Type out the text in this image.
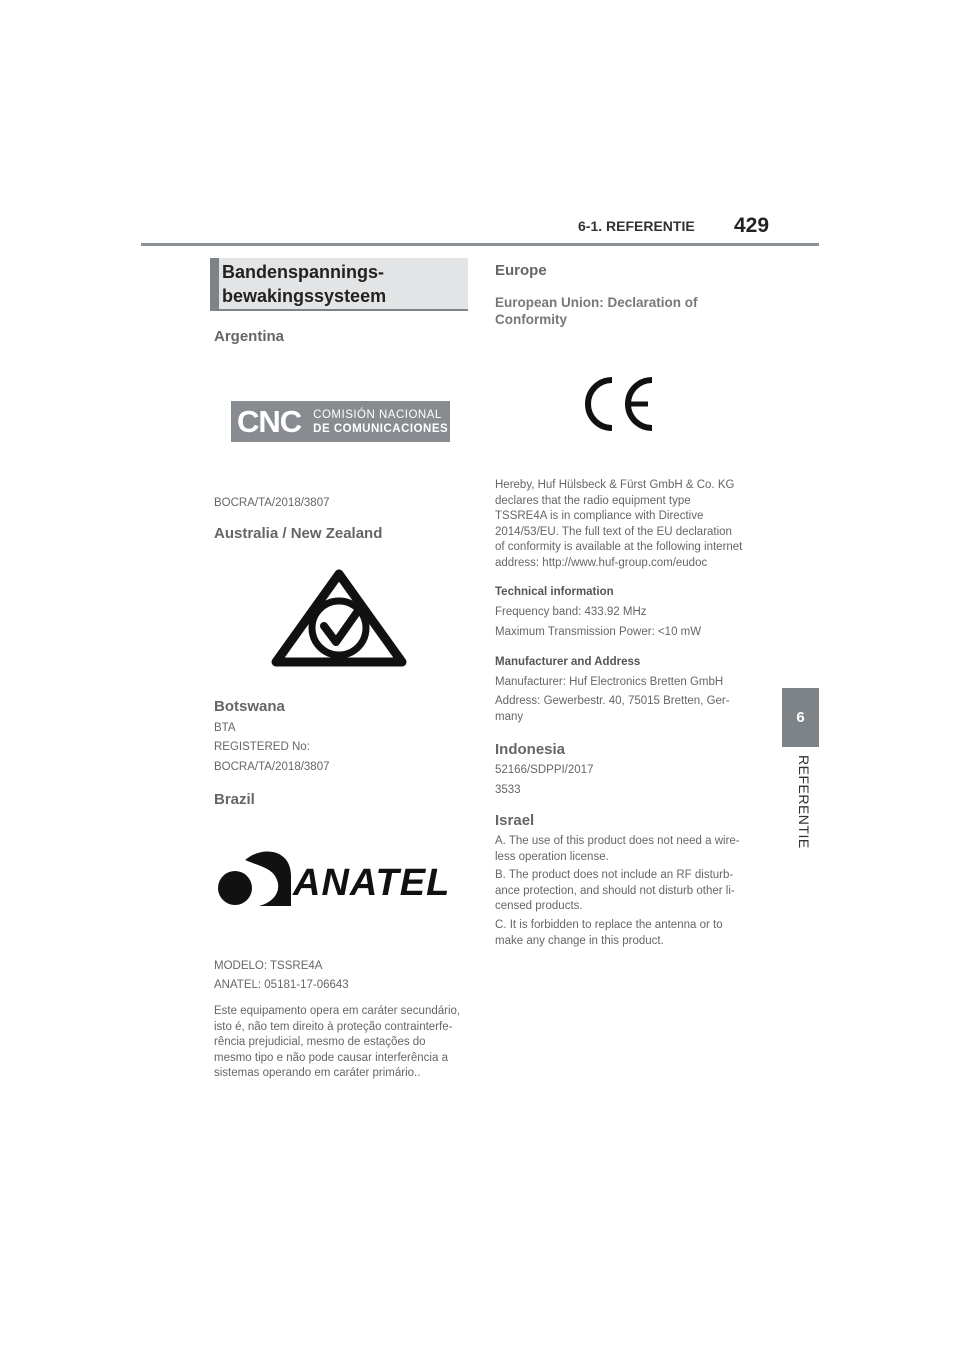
6-1. REFERENTIE 429
6
REFERENTIE
Bandenspannings-
bewakingssysteem
Argentina
CNC COMISIÓN NACIONAL
DE COMUNICACIONES
BOCRA/TA/2018/3807
Australia / New Zealand
Botswana
BTA
REGISTERED No:
BOCRA/TA/2018/3807
Brazil
ANATEL
MODELO: TSSRE4A
ANATEL: 05181-17-06643
Este equipamento opera em caráter secundário,
isto é, não tem direito à proteção contrainterfe-
rência prejudicial, mesmo de estações do
mesmo tipo e não pode causar interferência a
sistemas operando em caráter primário..
Europe
European Union: Declaration of
Conformity
Hereby, Huf Hülsbeck & Fürst GmbH & Co. KG
declares that the radio equipment type
TSSRE4A is in compliance with Directive
2014/53/EU. The full text of the EU declaration
of conformity is available at the following internet
address: http://www.huf-group.com/eudoc
Technical information
Frequency band: 433.92 MHz
Maximum Transmission Power: <10 mW
Manufacturer and Address
Manufacturer: Huf Electronics Bretten GmbH
Address: Gewerbestr. 40, 75015 Bretten, Ger-
many
Indonesia
52166/SDPPI/2017
3533
Israel
A. The use of this product does not need a wire-
less operation license.
B. The product does not include an RF disturb-
ance protection, and should not disturb other li-
censed products.
C. It is forbidden to replace the antenna or to
make any change in this product.
